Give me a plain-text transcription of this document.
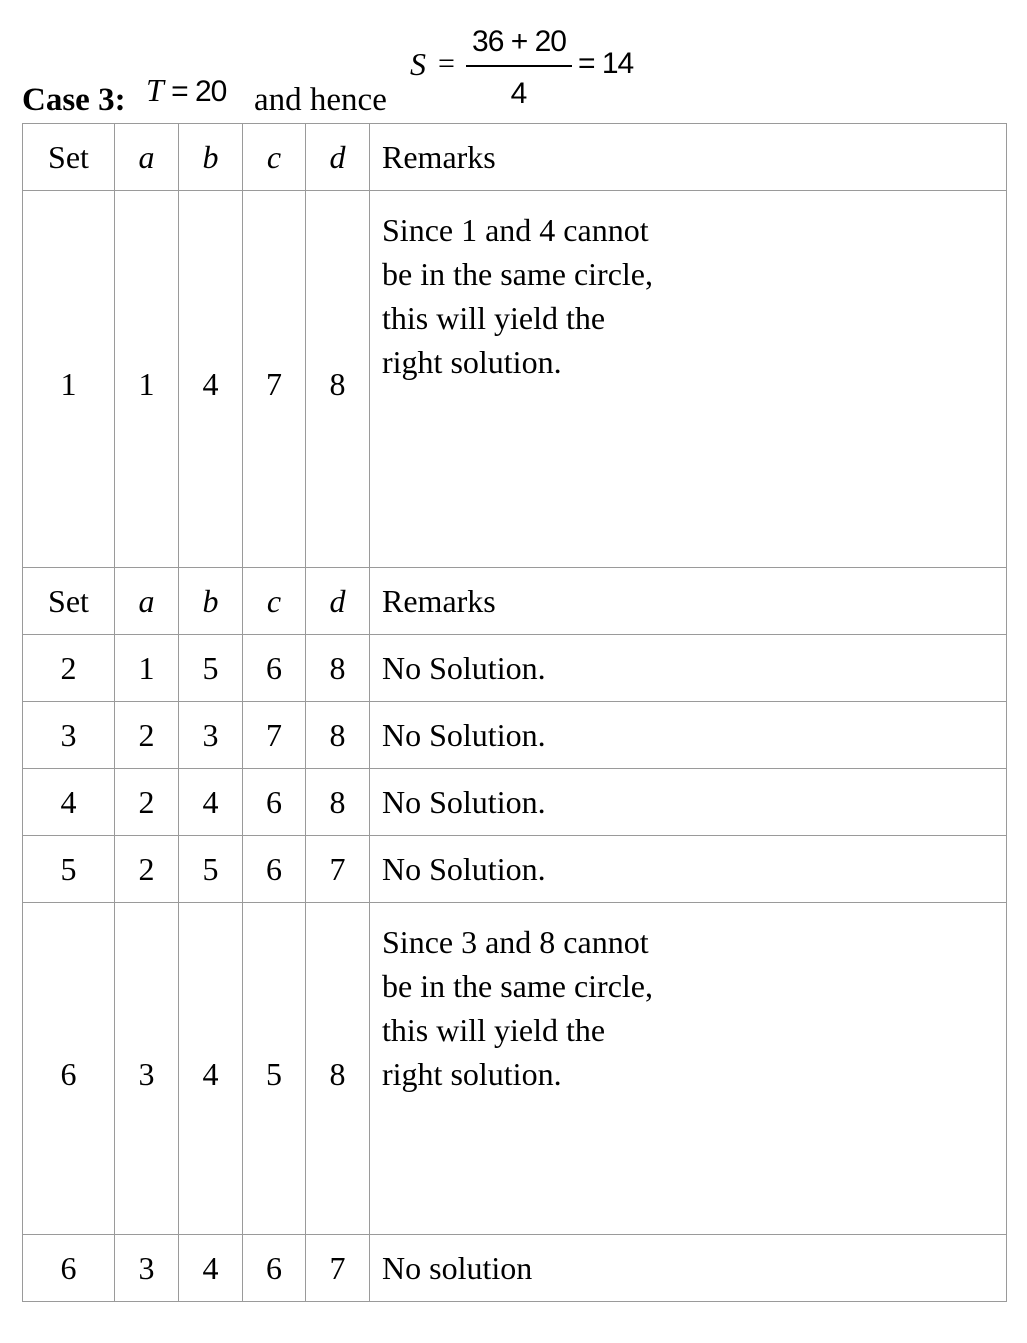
Case 3: T = 20 and hence
S =
36 + 20
4
= 14
Set	a	b	c	d	Remarks
1	1	4	7	8	Since 1 and 4 cannot
be in the same circle,
this will yield the
right solution.

Set	a	b	c	d	Remarks
2	1	5	6	8	No Solution.
3	2	3	7	8	No Solution.
4	2	4	6	8	No Solution.
5	2	5	6	7	No Solution.
6	3	4	5	8	Since 3 and 8 cannot
be in the same circle,
this will yield the
right solution.

6	3	4	6	7	No solution
